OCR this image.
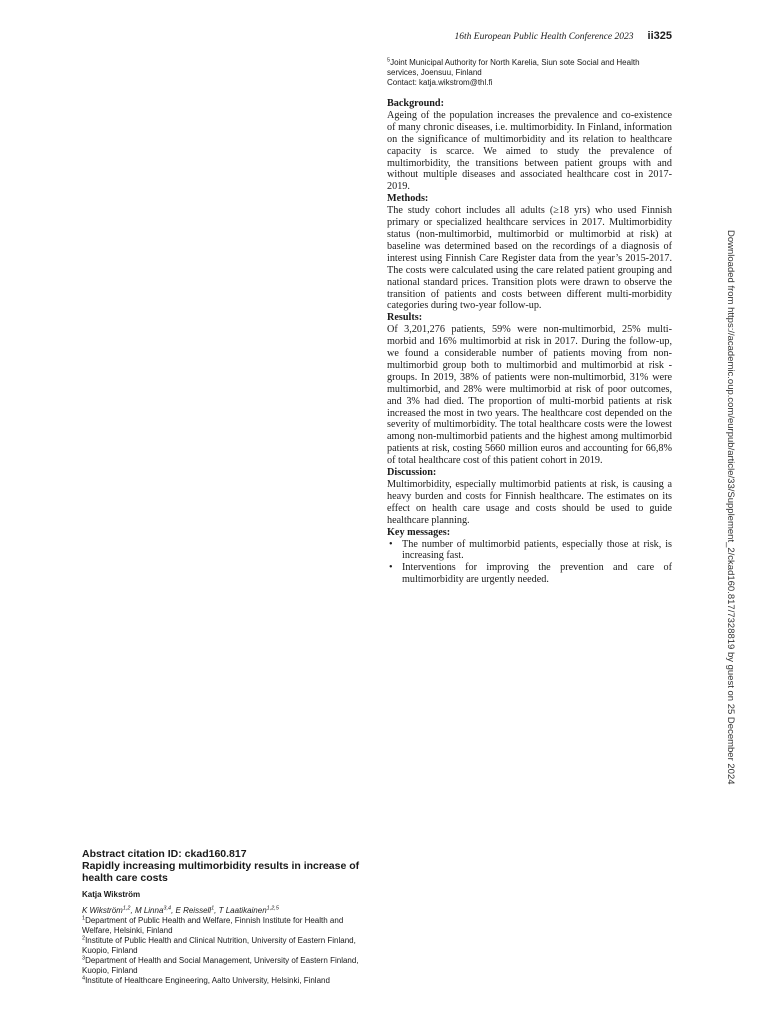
16th European Public Health Conference 2023 ii325
$^5$Joint Municipal Authority for North Karelia, Siun sote Social and Health services, Joensuu, Finland
Contact: katja.wikstrom@thl.fi

Background:

Ageing of the population increases the prevalence and co-existence of many chronic diseases, i.e. multimorbidity. In Finland, information on the significance of multimorbidity and its relation to healthcare capacity is scarce. We aimed to study the prevalence of multimorbidity, the transitions between patient groups with and without multiple diseases and associated healthcare cost in 2017-2019.

Methods:

The study cohort includes all adults (≥18 yrs) who used Finnish primary or specialized healthcare services in 2017. Multimorbidity status (non-multimorbid, multimorbid or multimorbid at risk) at baseline was determined based on the recordings of a diagnosis of interest using Finnish Care Register data from the year’s 2015-2017. The costs were calculated using the care related patient grouping and national standard prices. Transition plots were drawn to observe the transition of patients and costs between different multi-morbidity categories during two-year follow-up.

Results:

Of 3,201,276 patients, 59% were non-multimorbid, 25% multi-morbid and 16% multimorbid at risk in 2017. During the follow-up, we found a considerable number of patients moving from non-multimorbid group both to multimorbid and multimorbid at risk -groups. In 2019, 38% of patients were non-multimorbid, 31% were multimorbid, and 28% were multimorbid at risk of poor outcomes, and 3% had died. The proportion of multi-morbid patients at risk increased the most in two years. The healthcare cost depended on the severity of multimorbidity. The total healthcare costs were the lowest among non-multimorbid patients and the highest among multimorbid patients at risk, costing 5660 million euros and accounting for 66,8% of total healthcare cost of this patient cohort in 2019.

Discussion:

Multimorbidity, especially multimorbid patients at risk, is causing a heavy burden and costs for Finnish healthcare. The estimates on its effect on health care usage and costs should be used to guide healthcare planning.

Key messages:

• The number of multimorbid patients, especially those at risk, is increasing fast.
• Interventions for improving the prevention and care of multimorbidity are urgently needed.	Downloaded from https://academic.oup.com/eurpub/article/33/Supplement_2/ckad160.817/7328819 by guest on 25 December 2024
Abstract citation ID: ckad160.817
Rapidly increasing multimorbidity results in increase of health care costs
Katja Wikström
K Wikström$^{1,2}$, M Linna$^{3,4}$, E Reissell$^1$, T Laatikainen$^{1,2,5}$
$^1$Department of Public Health and Welfare, Finnish Institute for Health and Welfare, Helsinki, Finland
$^2$Institute of Public Health and Clinical Nutrition, University of Eastern Finland, Kuopio, Finland
$^3$Department of Health and Social Management, University of Eastern Finland, Kuopio, Finland
$^4$Institute of Healthcare Engineering, Aalto University, Helsinki, Finland
